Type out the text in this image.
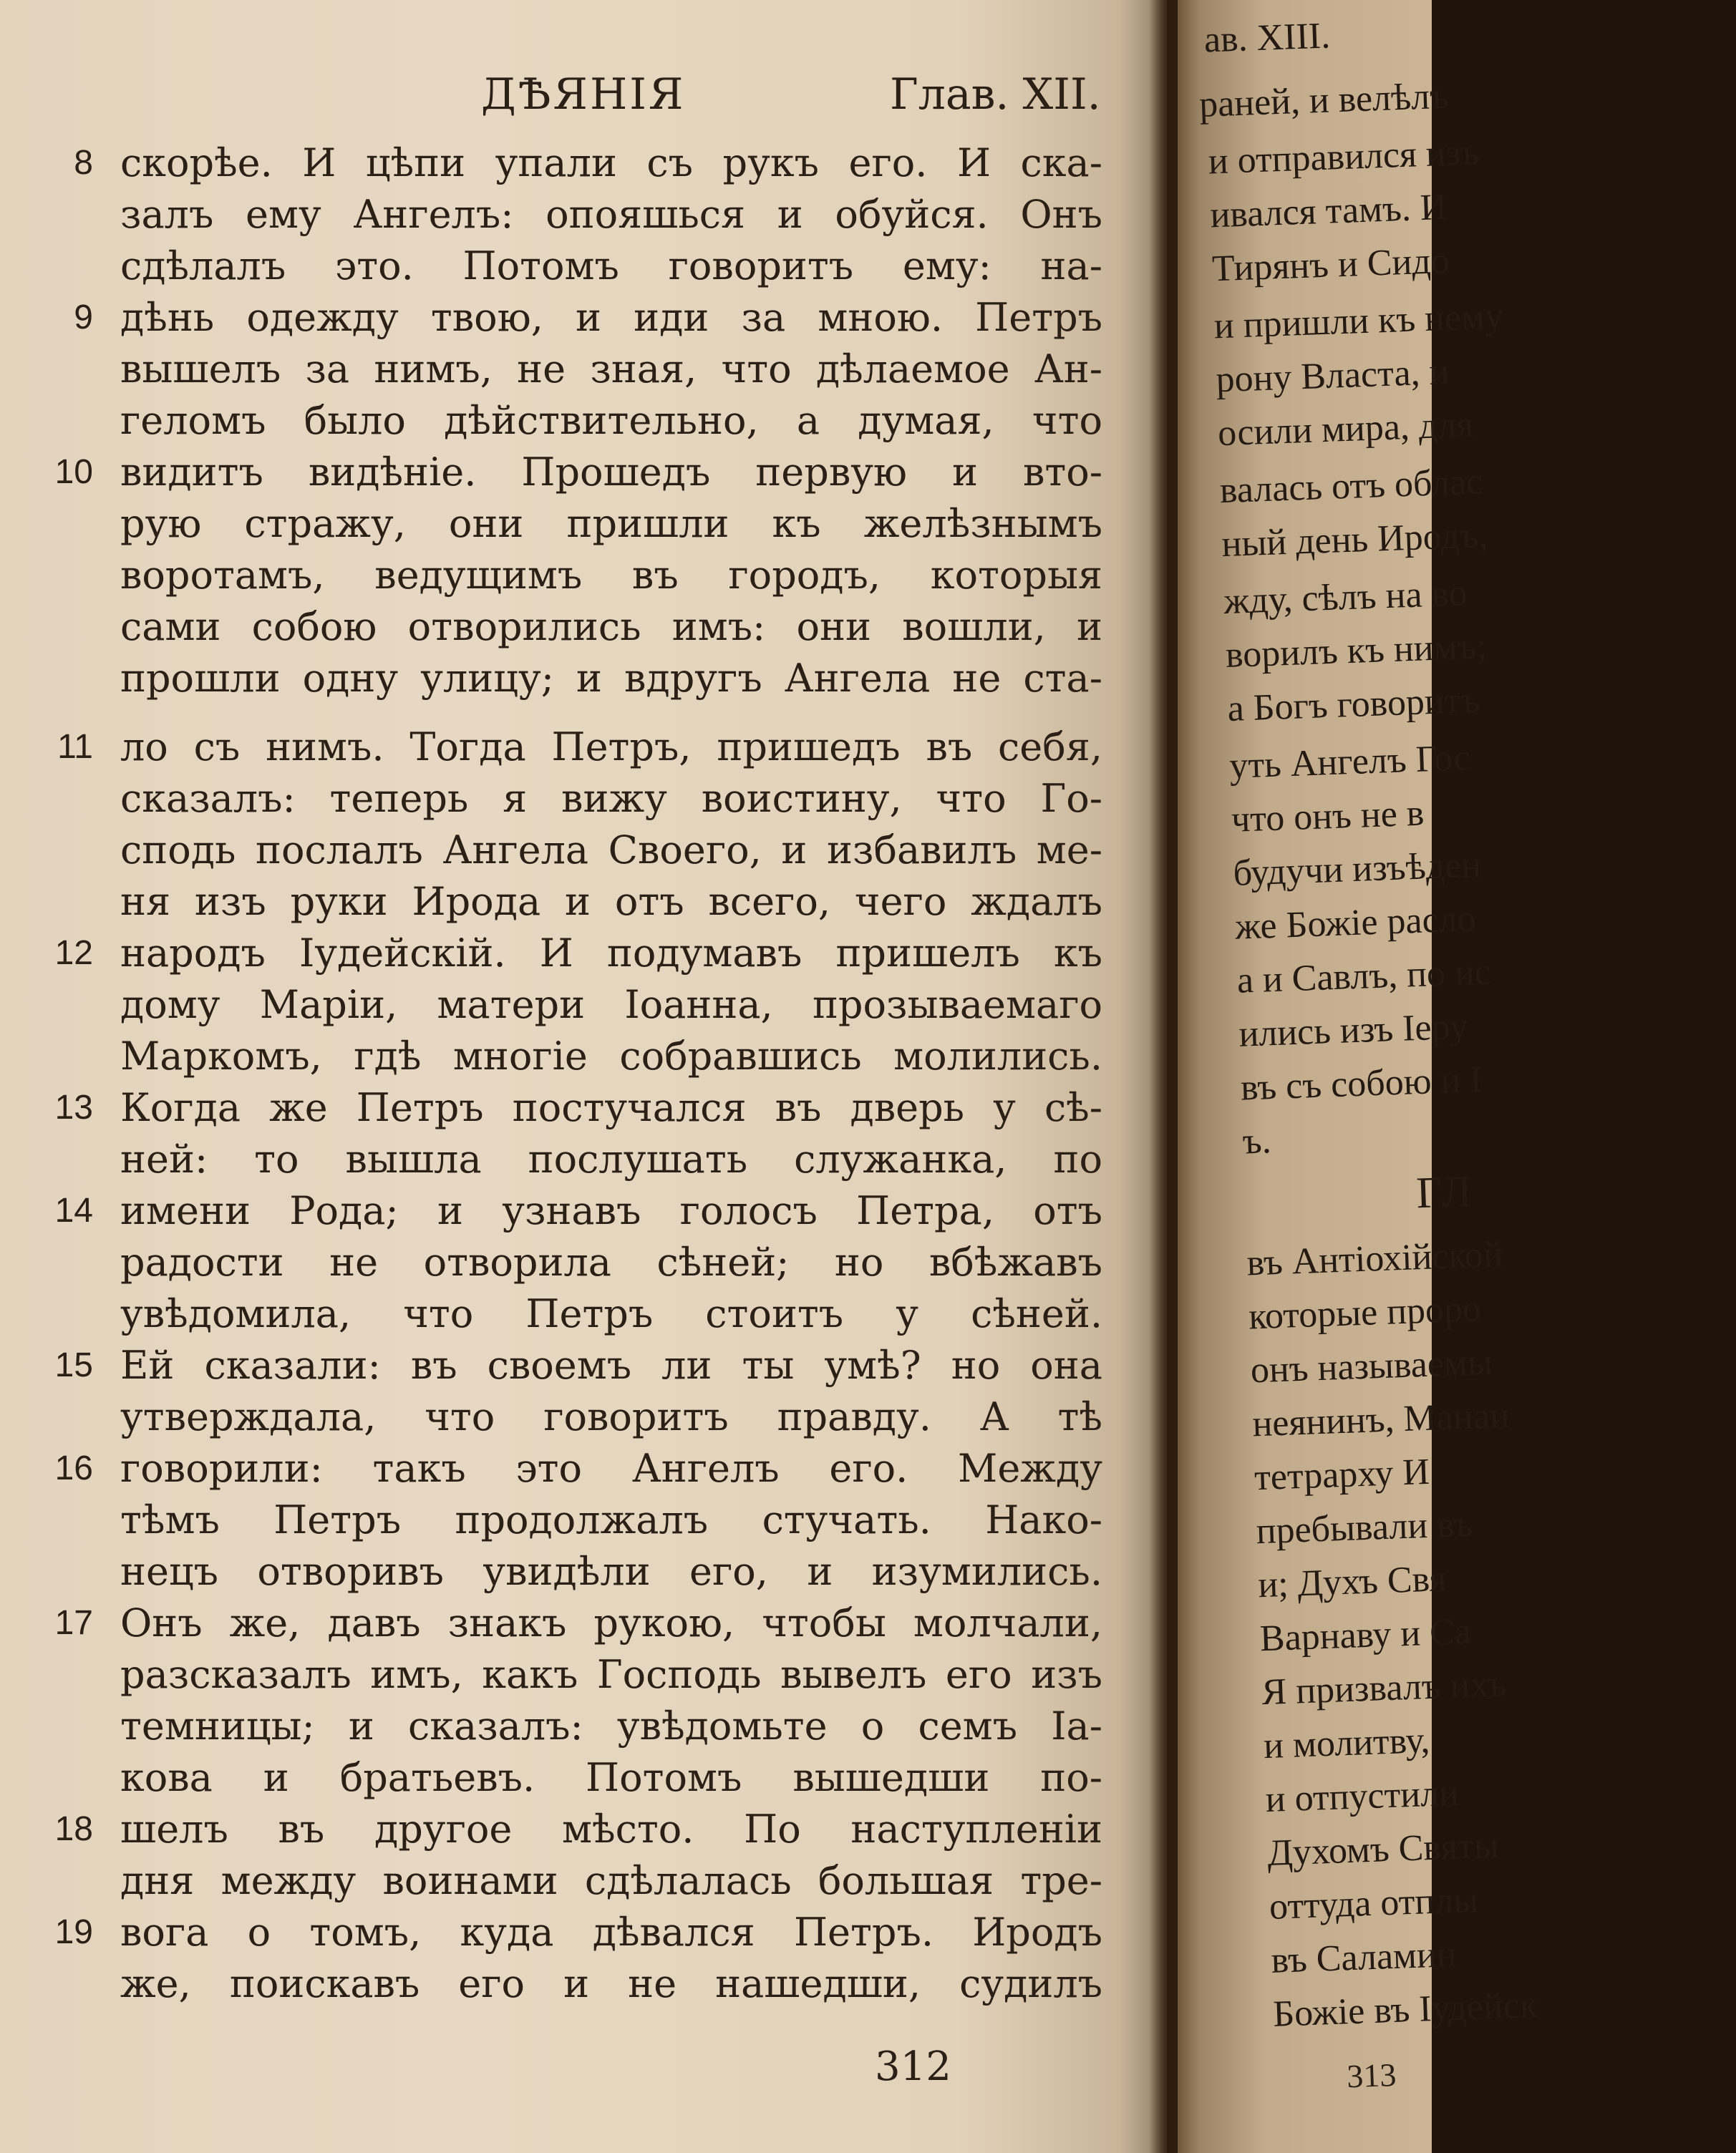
ДѢЯНІЯ	Глав. XII.
8
9
10
11
12
13
14
15
16
17
18
19
скорѣе. И цѣпи упали съ рукъ его. И ска-
залъ ему Ангелъ: опояшься и обуйся. Онъ
сдѣлалъ это. Потомъ говоритъ ему: на-
дѣнь одежду твою, и иди за мною. Петръ
вышелъ за нимъ, не зная, что дѣлаемое Ан-
геломъ было дѣйствительно, а думая, что
видитъ видѣніе. Прошедъ первую и вто-
рую стражу, они пришли къ желѣзнымъ
воротамъ, ведущимъ въ городъ, которыя
сами собою отворились имъ: они вошли, и
прошли одну улицу; и вдругъ Ангела не ста-
ло съ нимъ. Тогда Петръ, пришедъ въ себя,
сказалъ: теперь я вижу воистину, что Го-
сподь послалъ Ангела Своего, и избавилъ ме-
ня изъ руки Ирода и отъ всего, чего ждалъ
народъ Іудейскій. И подумавъ пришелъ къ
дому Маріи, матери Іоанна, прозываемаго
Маркомъ, гдѣ многіе собравшись молились.
Когда же Петръ постучался въ дверь у сѣ-
ней: то вышла послушать служанка, по
имени Рода; и узнавъ голосъ Петра, отъ
радости не отворила сѣней; но вбѣжавъ
увѣдомила, что Петръ стоитъ у сѣней.
Ей сказали: въ своемъ ли ты умѣ? но она
утверждала, что говоритъ правду. А тѣ
говорили: такъ это Ангелъ его. Между
тѣмъ Петръ продолжалъ стучать. Нако-
нецъ отворивъ увидѣли его, и изумились.
Онъ же, давъ знакъ рукою, чтобы молчали,
разсказалъ имъ, какъ Господь вывелъ его изъ
темницы; и сказалъ: увѣдомьте о семъ Іа-
кова и братьевъ. Потомъ вышедши по-
шелъ въ другое мѣсто. По наступленіи
дня между воинами сдѣлалась большая тре-
вога о томъ, куда дѣвался Петръ. Иродъ
же, поискавъ его и не нашедши, судилъ
312
ав. XIII.
раней, и велѣлъ
и отправился изъ
ивался тамъ. И
Тирянъ и Сидо
и пришли къ нему
рону Власта, и
осили мира, для
валась отъ облас
ный день Иродъ,
жду, сѣлъ на во
ворилъ къ нимъ;
а Богъ говоритъ
уть Ангелъ Гос
что онъ не в
будучи изъѣден
же Божіе расло
а и Савлъ, по ис
ились изъ Іеру
въ съ собою и І
ъ.
ГЛ
въ Антіохійской
которые проро
онъ называемы
неянинъ, Манаи
тетрарху И
пребывали въ
и; Духъ Свя
Варнаву и Са
Я призвалъ ихъ
и молитву,
и отпустили
Духомъ Святы
оттуда отплы
въ Саламин
Божіе въ Іудейск
313
